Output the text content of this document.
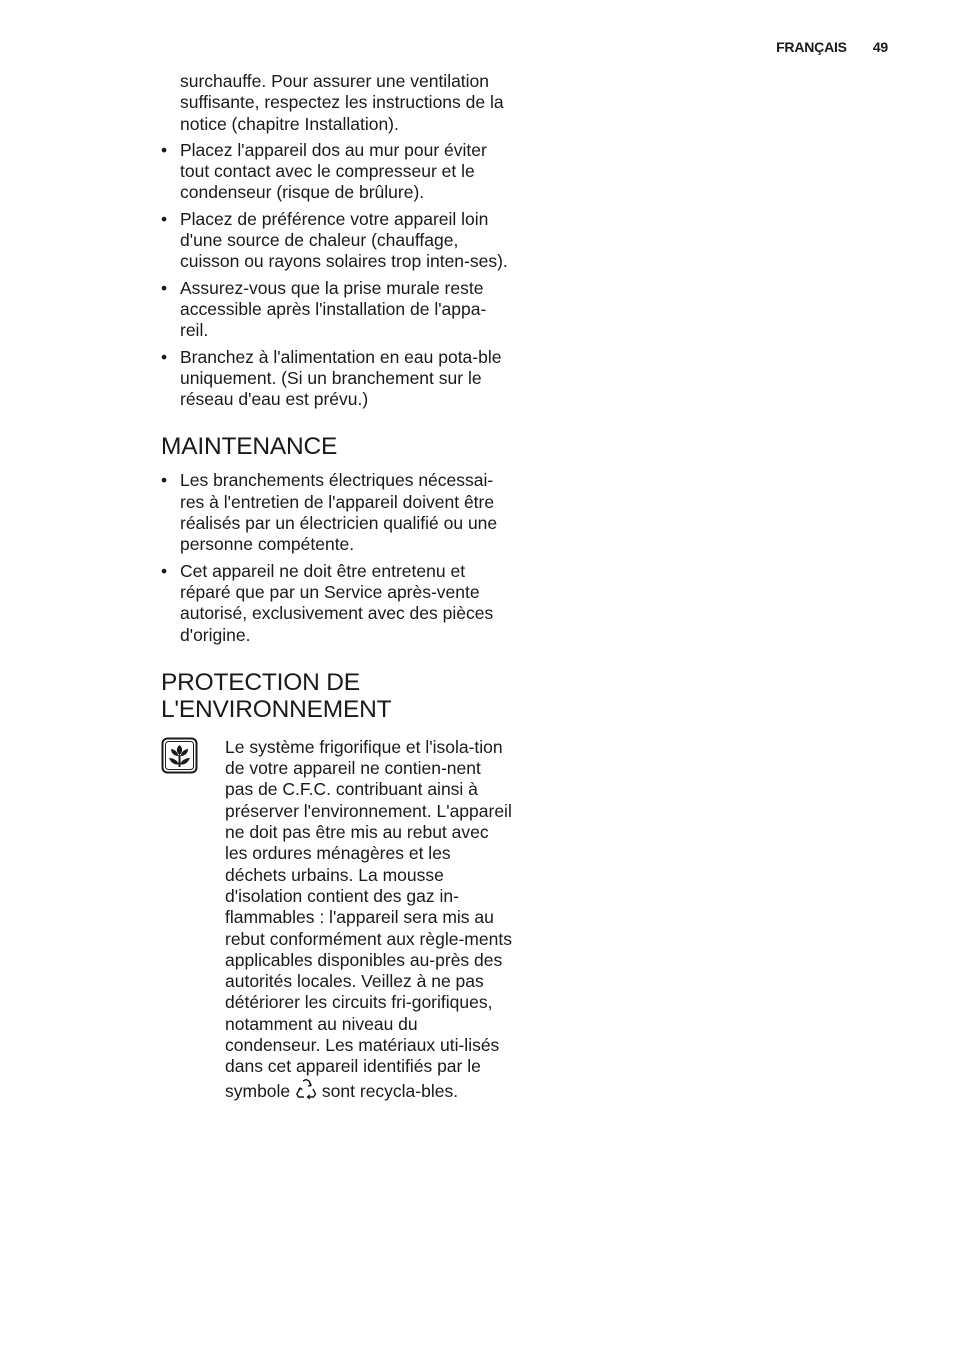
FRANÇAIS 49
surchauffe. Pour assurer une ventilation suffisante, respectez les instructions de la notice (chapitre Installation).
• Placez l'appareil dos au mur pour éviter tout contact avec le compresseur et le condenseur (risque de brûlure).
• Placez de préférence votre appareil loin d'une source de chaleur (chauffage, cuisson ou rayons solaires trop inten-ses).
• Assurez-vous que la prise murale reste accessible après l'installation de l'appa-reil.
• Branchez à l'alimentation en eau pota-ble uniquement. (Si un branchement sur le réseau d'eau est prévu.)
MAINTENANCE
• Les branchements électriques nécessai-res à l'entretien de l'appareil doivent être réalisés par un électricien qualifié ou une personne compétente.
• Cet appareil ne doit être entretenu et réparé que par un Service après-vente autorisé, exclusivement avec des pièces d'origine.
PROTECTION DE
L'ENVIRONNEMENT
Le système frigorifique et l'isola-tion de votre appareil ne contien-nent pas de C.F.C. contribuant ainsi à préserver l'environnement. L'appareil ne doit pas être mis au rebut avec les ordures ménagères et les déchets urbains. La mousse d'isolation contient des gaz in-flammables : l'appareil sera mis au rebut conformément aux règle-ments applicables disponibles au-près des autorités locales. Veillez à ne pas détériorer les circuits fri-gorifiques, notamment au niveau du condenseur. Les matériaux uti-lisés dans cet appareil identifiés par le symbole sont recycla-bles.
